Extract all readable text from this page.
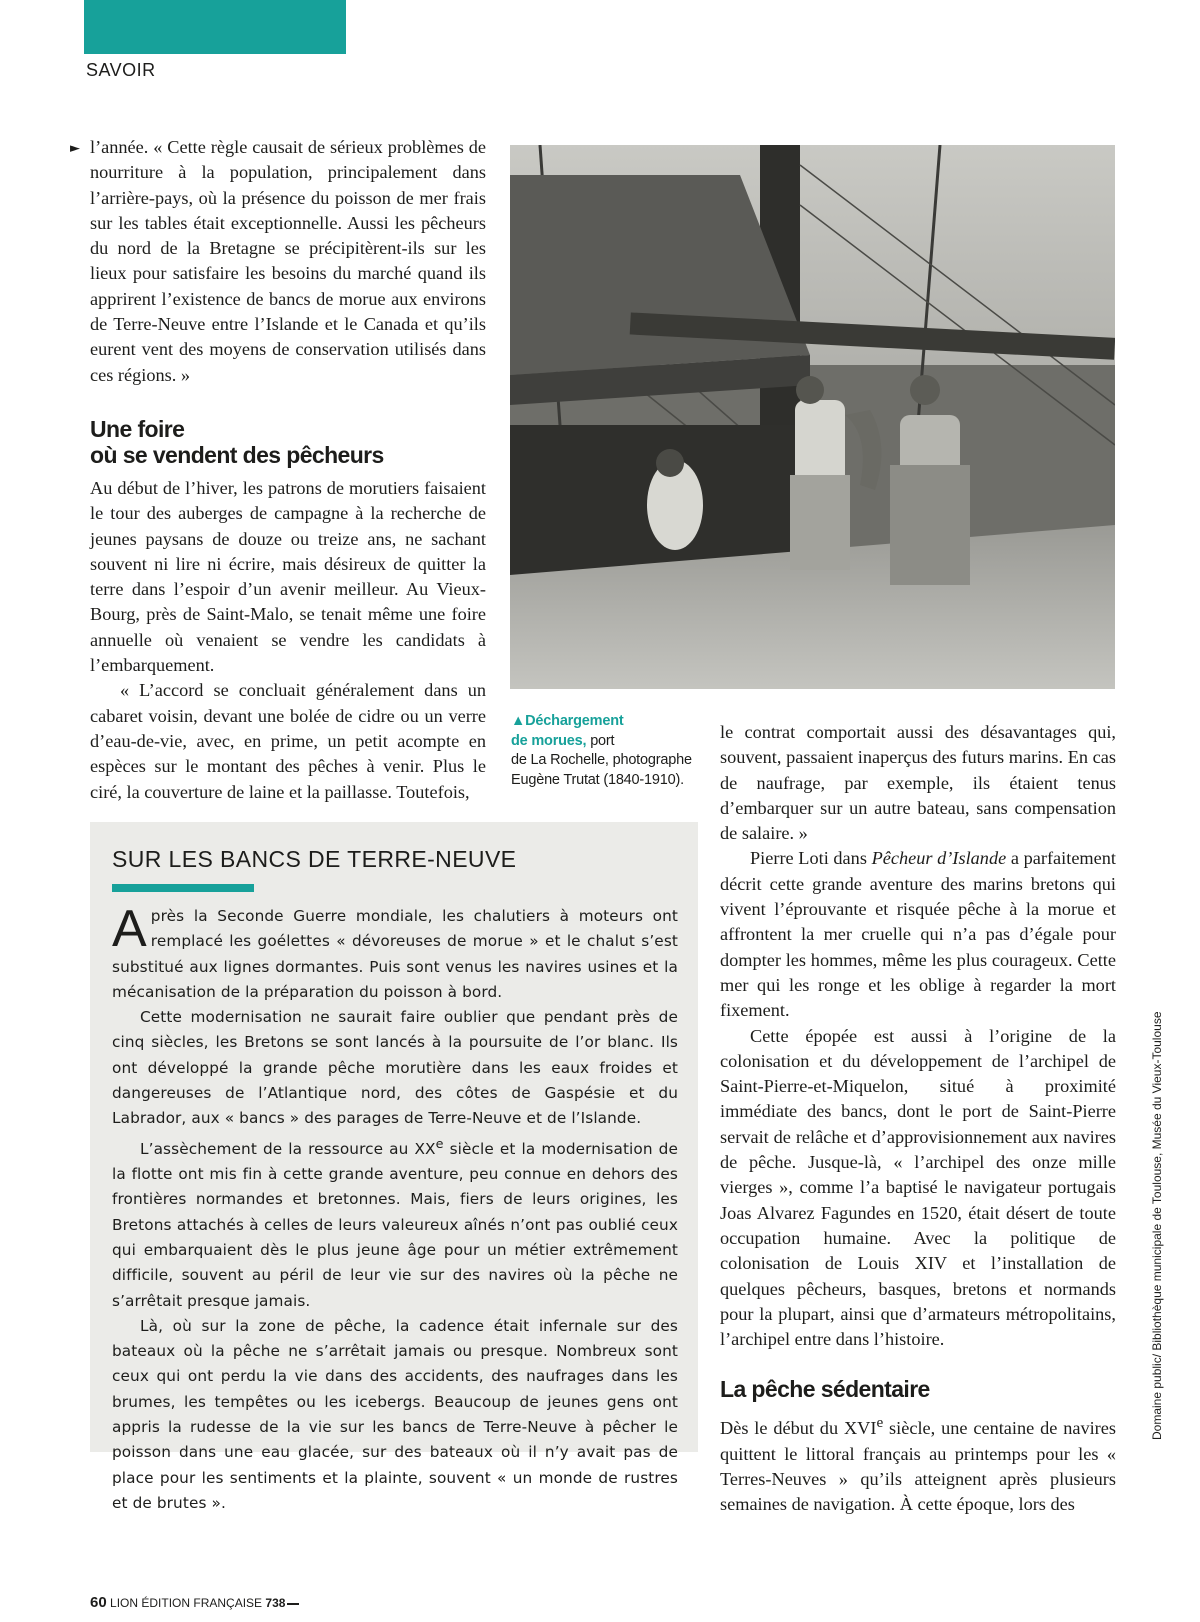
SAVOIR
► l’année. « Cette règle causait de sérieux problèmes de nourriture à la population, principalement dans l’arrière-pays, où la présence du poisson de mer frais sur les tables était exceptionnelle. Aussi les pêcheurs du nord de la Bretagne se précipitèrent-ils sur les lieux pour satisfaire les besoins du marché quand ils apprirent l’existence de bancs de morue aux environs de Terre-Neuve entre l’Islande et le Canada et qu’ils eurent vent des moyens de conservation utilisés dans ces régions. »

Une foire
où se vendent des pêcheurs

Au début de l’hiver, les patrons de morutiers faisaient le tour des auberges de campagne à la recherche de jeunes paysans de douze ou treize ans, ne sachant souvent ni lire ni écrire, mais désireux de quitter la terre dans l’espoir d’un avenir meilleur. Au Vieux-Bourg, près de Saint-Malo, se tenait même une foire annuelle où venaient se vendre les candidats à l’embarquement.

« L’accord se concluait généralement dans un cabaret voisin, devant une bolée de cidre ou un verre d’eau-de-vie, avec, en prime, un petit acompte en espèces sur le montant des pêches à venir. Plus le ciré, la couverture de laine et la paillasse. Toutefois,

▲Déchargement
de morues, port
de La Rochelle, photographe
Eugène Trutat (1840-1910).

le contrat comportait aussi des désavantages qui, souvent, passaient inaperçus des futurs marins. En cas de naufrage, par exemple, ils étaient tenus d’embarquer sur un autre bateau, sans compensation de salaire. »

Pierre Loti dans Pêcheur d’Islande a parfaitement décrit cette grande aventure des marins bretons qui vivent l’éprouvante et risquée pêche à la morue et affrontent la mer cruelle qui n’a pas d’égale pour dompter les hommes, même les plus courageux. Cette mer qui les ronge et les oblige à regarder la mort fixement.

Cette épopée est aussi à l’origine de la colonisation et du développement de l’archipel de Saint-Pierre-et-Miquelon, situé à proximité immédiate des bancs, dont le port de Saint-Pierre servait de relâche et d’approvisionnement aux navires de pêche. Jusque-là, « l’archipel des onze mille vierges », comme l’a baptisé le navigateur portugais Joas Alvarez Fagundes en 1520, était désert de toute occupation humaine. Avec la politique de colonisation de Louis XIV et l’installation de quelques pêcheurs, basques, bretons et normands pour la plupart, ainsi que d’armateurs métropolitains, l’archipel entre dans l’histoire.

La pêche sédentaire

Dès le début du XVIe siècle, une centaine de navires quittent le littoral français au printemps pour les « Terres-Neuves » qu’ils atteignent après plusieurs semaines de navigation. À cette époque, lors des

SUR LES BANCS DE TERRE-NEUVE

Après la Seconde Guerre mondiale, les chalutiers à moteurs ont remplacé les goélettes « dévoreuses de morue » et le chalut s’est substitué aux lignes dormantes. Puis sont venus les navires usines et la mécanisation de la préparation du poisson à bord.

Cette modernisation ne saurait faire oublier que pendant près de cinq siècles, les Bretons se sont lancés à la poursuite de l’or blanc. Ils ont développé la grande pêche morutière dans les eaux froides et dangereuses de l’Atlantique nord, des côtes de Gaspésie et du Labrador, aux « bancs » des parages de Terre-Neuve et de l’Islande.

L’assèchement de la ressource au XXe siècle et la modernisation de la flotte ont mis fin à cette grande aventure, peu connue en dehors des frontières normandes et bretonnes. Mais, fiers de leurs origines, les Bretons attachés à celles de leurs valeureux aînés n’ont pas oublié ceux qui embarquaient dès le plus jeune âge pour un métier extrêmement difficile, souvent au péril de leur vie sur des navires où la pêche ne s’arrêtait presque jamais.

Là, où sur la zone de pêche, la cadence était infernale sur des bateaux où la pêche ne s’arrêtait jamais ou presque. Nombreux sont ceux qui ont perdu la vie dans des accidents, des naufrages dans les brumes, les tempêtes ou les icebergs. Beaucoup de jeunes gens ont appris la rudesse de la vie sur les bancs de Terre-Neuve à pêcher le poisson dans une eau glacée, sur des bateaux où il n’y avait pas de place pour les sentiments et la plainte, souvent « un monde de rustres et de brutes ».

Domaine public/ Bibliothèque municipale de Toulouse, Musée du Vieux-Toulouse
60 LION ÉDITION FRANÇAISE 738
